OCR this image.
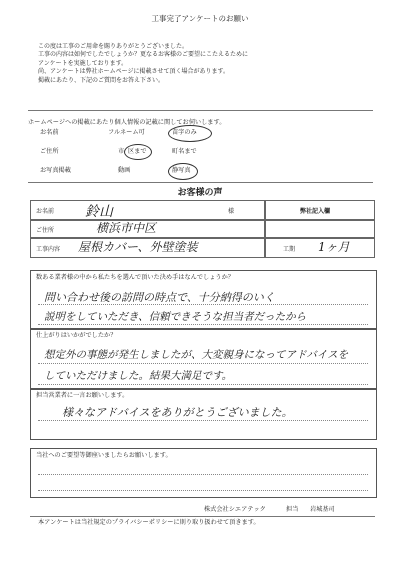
工事完了アンケートのお願い
この度は工事のご用命を賜りありがとうございました。
工事の内容は如何でしたでしょうか？更なるお客様のご要望にこたえるために
アンケートを実施しております。
尚、アンケートは弊社ホームページに掲載させて頂く場合があります。
掲載にあたり、下記のご質問をお答え下さい。
ホームページへの掲載にあたり個人情報の記載に関してお伺いします。
お名前	フルネーム可	苗字のみ
ご住所	市 区まで	町名まで
お写真掲載	動画	静写真
お客様の声
お名前 鈴山	様	弊社記入欄
ご住所	横浜市中区
工事内容 屋根カバー、外壁塗装	工期 1ヶ月
数ある業者様の中から私たちを選んで頂いた決め手はなんでしょうか？
問い合わせ後の訪問の時点で、十分納得のいく
説明をしていただき、信頼できそうな担当者だったから
仕上がりはいかがでしたか？
想定外の事態が発生しましたが、大変親身になってアドバイスを
していただけました。結果大満足です。
担当営業者に一言お願いします。
様々なアドバイスをありがとうございました。
当社へのご要望等御座いましたらお願いします。
株式会社シエアテック	担当 岩城基司
本アンケートは当社規定のプライバシーポリシーに則り取り扱わせて頂きます。
